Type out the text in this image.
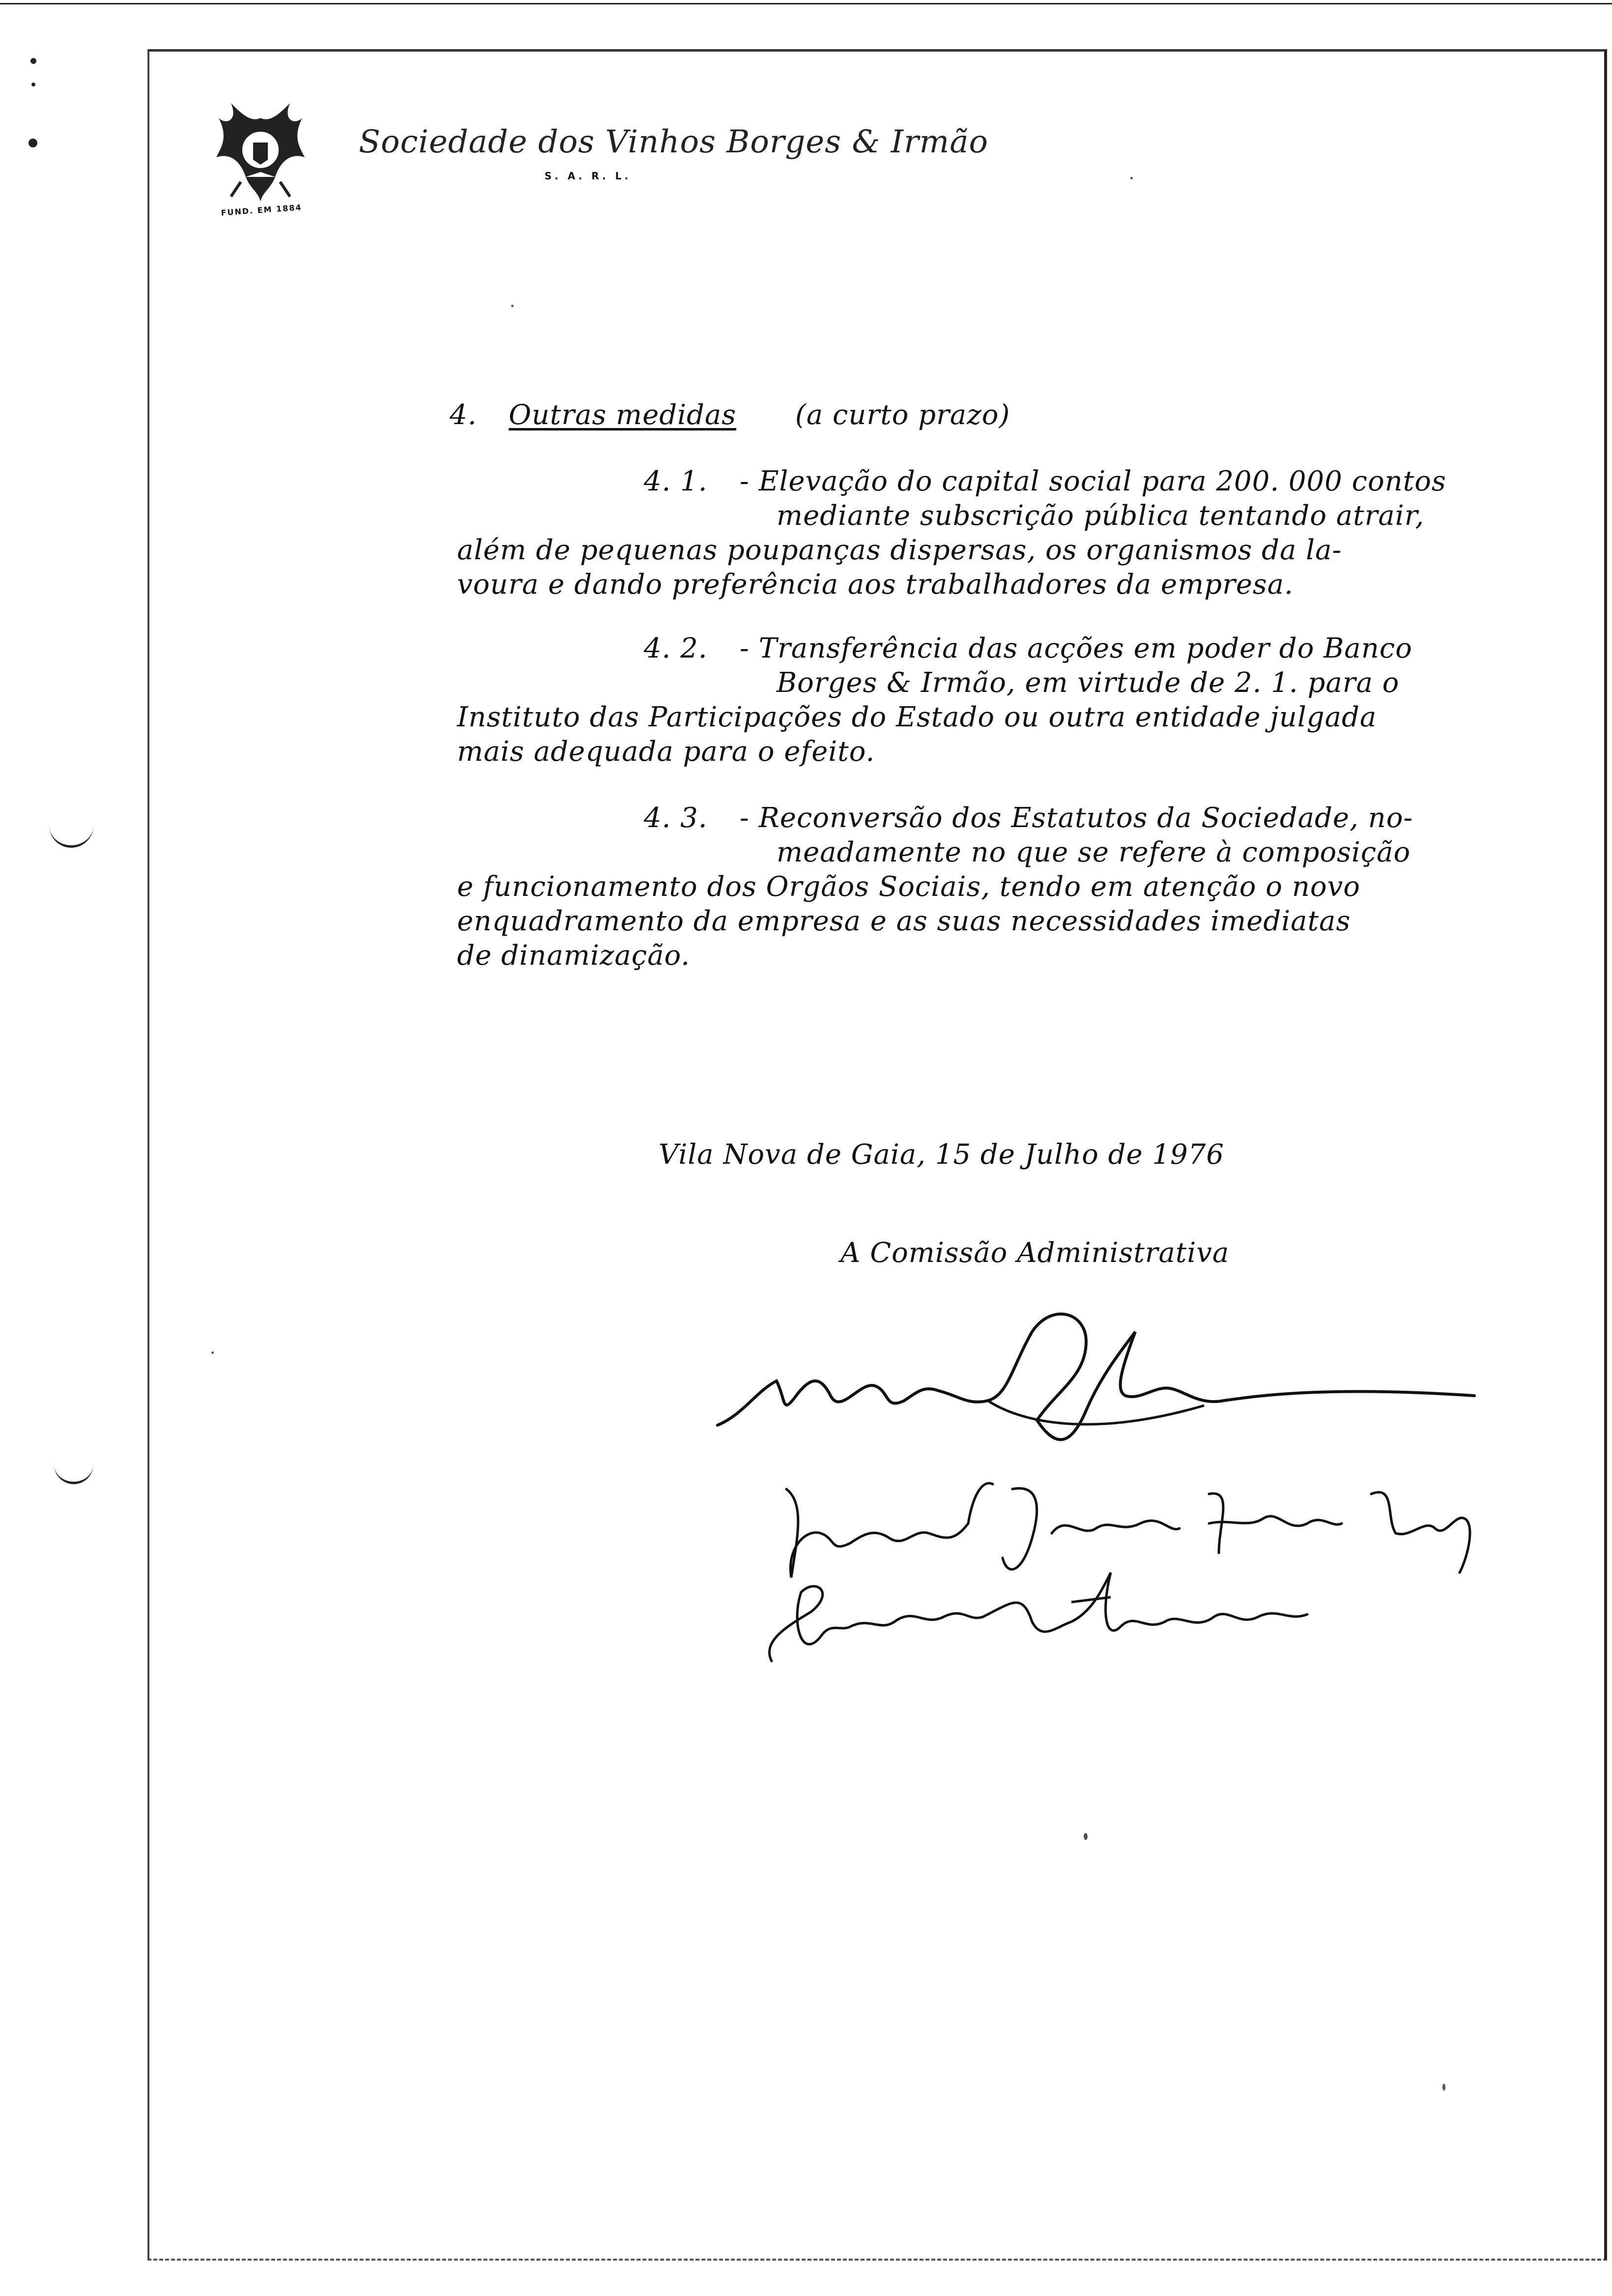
FUND. EM 1884
Sociedade dos Vinhos Borges & Irmão
S. A. R. L.
4. Outras medidas (a curto prazo)
4. 1. - Elevação do capital social para 200. 000 contos
mediante subscrição pública tentando atrair,
além de pequenas poupanças dispersas, os organismos da la-
voura e dando preferência aos trabalhadores da empresa.
4. 2. - Transferência das acções em poder do Banco
Borges & Irmão, em virtude de 2. 1. para o
Instituto das Participações do Estado ou outra entidade julgada
mais adequada para o efeito.
4. 3. - Reconversão dos Estatutos da Sociedade, no-
meadamente no que se refere à composição
e funcionamento dos Orgãos Sociais, tendo em atenção o novo
enquadramento da empresa e as suas necessidades imediatas
de dinamização.
Vila Nova de Gaia, 15 de Julho de 1976
A Comissão Administrativa
